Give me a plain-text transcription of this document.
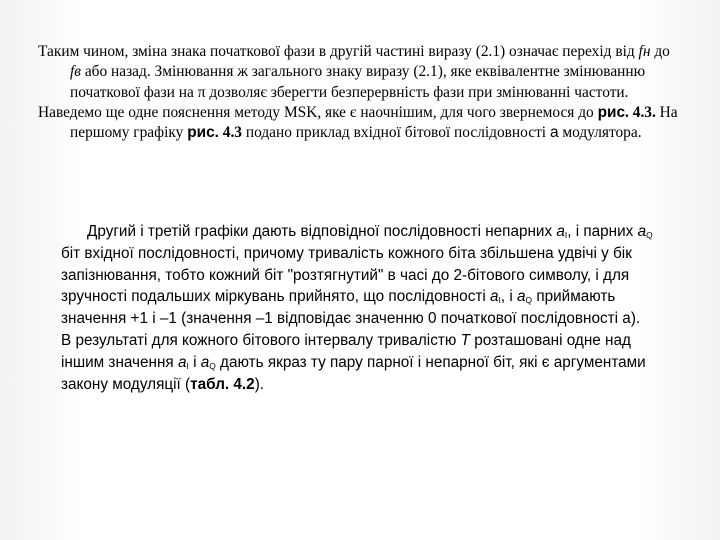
Таким чином, зміна знака початкової фази в другій частині виразу (2.1) означає перехід від fн до fв або назад. Змінювання ж загального знаку виразу (2.1), яке еквівалентне змінюванню початкової фази на π дозволяє зберегти безперервність фази при змінюванні частоти.
Наведемо ще одне пояснення методу MSK, яке є наочнішим, для чого звернемося до рис. 4.3. На першому графіку рис. 4.3 подано приклад вхідної бітової послідовності а модулятора.

Другий і третій графіки дають відповідної послідовності непарних $a_I$, і парних $a_Q$ біт вхідної послідовності, причому тривалість кожного біта збільшена удвічі у бік запізнювання, тобто кожний біт "розтягнутий" в часі до 2-бітового символу, і для зручності подальших міркувань прийнято, що послідовності $a_I$, і $a_Q$ приймають значення +1 і –1 (значення –1 відповідає значенню 0 початкової послідовності а).

В результаті для кожного бітового інтервалу тривалістю T розташовані одне над іншим значення $a_I$ і $a_Q$ дають якраз ту пару парної і непарної біт, які є аргументами закону модуляції (табл. 4.2).
